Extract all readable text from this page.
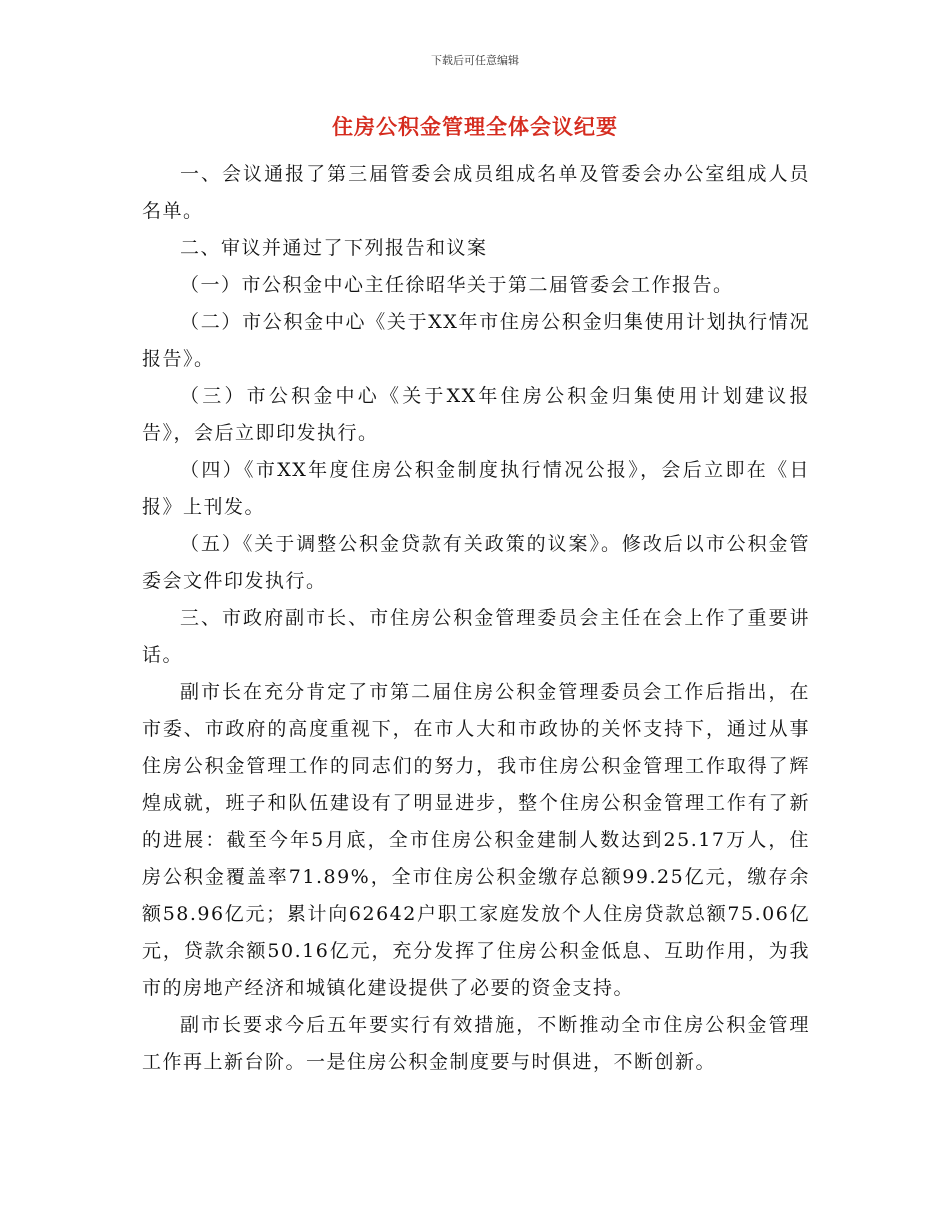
下载后可任意编辑
住房公积金管理全体会议纪要

一、会议通报了第三届管委会成员组成名单及管委会办公室组成人员名单。

二、审议并通过了下列报告和议案

（一）市公积金中心主任徐昭华关于第二届管委会工作报告。

（二）市公积金中心《关于XX年市住房公积金归集使用计划执行情况报告》。

（三）市公积金中心《关于XX年住房公积金归集使用计划建议报告》，会后立即印发执行。

（四）《市XX年度住房公积金制度执行情况公报》，会后立即在《日报》上刊发。

（五）《关于调整公积金贷款有关政策的议案》。修改后以市公积金管委会文件印发执行。

三、市政府副市长、市住房公积金管理委员会主任在会上作了重要讲话。

副市长在充分肯定了市第二届住房公积金管理委员会工作后指出，在市委、市政府的高度重视下，在市人大和市政协的关怀支持下，通过从事住房公积金管理工作的同志们的努力，我市住房公积金管理工作取得了辉煌成就，班子和队伍建设有了明显进步，整个住房公积金管理工作有了新的进展：截至今年5月底，全市住房公积金建制人数达到25.17万人，住房公积金覆盖率71.89%，全市住房公积金缴存总额99.25亿元，缴存余额58.96亿元；累计向62642户职工家庭发放个人住房贷款总额75.06亿元，贷款余额50.16亿元，充分发挥了住房公积金低息、互助作用，为我市的房地产经济和城镇化建设提供了必要的资金支持。

副市长要求今后五年要实行有效措施，不断推动全市住房公积金管理工作再上新台阶。一是住房公积金制度要与时俱进，不断创新。
